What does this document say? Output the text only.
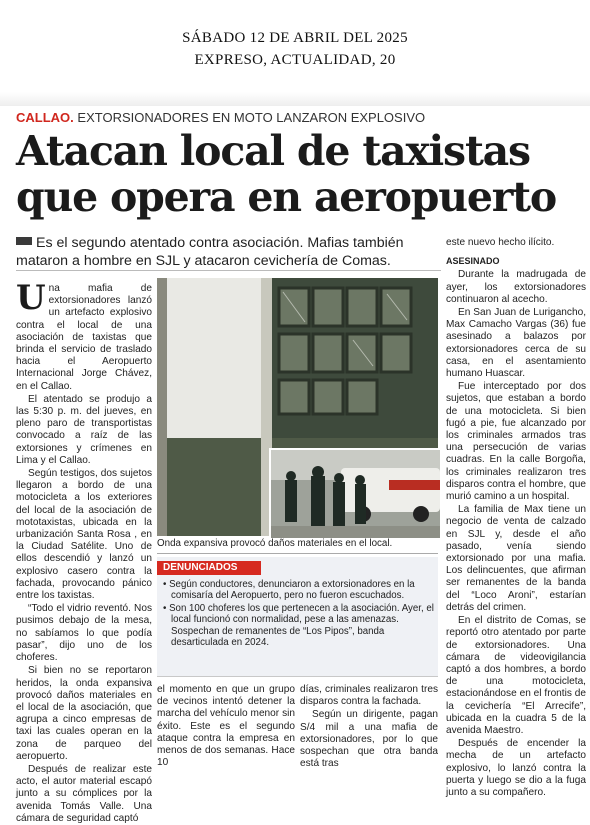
SÁBADO 12 DE ABRIL DEL 2025
EXPRESO, ACTUALIDAD, 20
CALLAO. EXTORSIONADORES EN MOTO LANZARON EXPLOSIVO
Atacan local de taxistas
que opera en aeropuerto
Es el segundo atentado contra asociación. Mafias también mataron a hombre en SJL y atacaron cevichería de Comas.

Una mafia de extorsionadores lanzó un artefacto explosivo contra el local de una asociación de taxistas que brinda el servicio de traslado hacia el Aeropuerto Internacional Jorge Chávez, en el Callao.

El atentado se produjo a las 5:30 p. m. del jueves, en pleno paro de transportistas convocado a raíz de las extorsiones y crímenes en Lima y el Callao.

Según testigos, dos sujetos llegaron a bordo de una motocicleta a los exteriores del local de la asociación de mototaxistas, ubicada en la urbanización Santa Rosa , en la Ciudad Satélite. Uno de ellos descendió y lanzó un explosivo casero contra la fachada, provocando pánico entre los taxistas.

“Todo el vidrio reventó. Nos pusimos debajo de la mesa, no sabíamos lo que podía pasar”, dijo uno de los choferes.

Si bien no se reportaron heridos, la onda expansiva provocó daños materiales en el local de la asociación, que agrupa a cinco empresas de taxi las cuales operan en la zona de parqueo del aeropuerto.

Después de realizar este acto, el autor material escapó junto a su cómplices por la avenida Tomás Valle. Una cámara de seguridad captó

Onda expansiva provocó daños materiales en el local.
DENUNCIADOS
• Según conductores, denunciaron a extorsionadores en la comisaría del Aeropuerto, pero no fueron escuchados.
• Son 100 choferes los que pertenecen a la asociación. Ayer, el local funcionó con normalidad, pese a las amenazas. Sospechan de remanentes de “Los Pipos”, banda desarticulada en 2024.

el momento en que un grupo de vecinos intentó detener la marcha del vehículo menor sin éxito. Este es el segundo ataque contra la empresa en menos de dos semanas. Hace 10

días, criminales realizaron tres disparos contra la fachada.

Según un dirigente, pagan S/4 mil a una mafia de extorsionadores, por lo que sospechan que otra banda está tras

este nuevo hecho ilícito.

ASESINADO

Durante la madrugada de ayer, los extorsionadores continuaron al acecho.

En San Juan de Lurigancho, Max Camacho Vargas (36) fue asesinado a balazos por extorsionadores cerca de su casa, en el asentamiento humano Huascar.

Fue interceptado por dos sujetos, que estaban a bordo de una motocicleta. Si bien fugó a pie, fue alcanzado por los criminales armados tras una persecución de varias cuadras. En la calle Borgoña, los criminales realizaron tres disparos contra el hombre, que murió camino a un hospital.

La familia de Max tiene un negocio de venta de calzado en SJL y, desde el año pasado, venía siendo extorsionado por una mafia. Los delincuentes, que afirman ser remanentes de la banda del “Loco Aroni”, estarían detrás del crimen.

En el distrito de Comas, se reportó otro atentado por parte de extorsionadores. Una cámara de videovigilancia captó a dos hombres, a bordo de una motocicleta, estacionándose en el frontis de la cevichería “El Arrecife”, ubicada en la cuadra 5 de la avenida Maestro.

Después de encender la mecha de un artefacto explosivo, lo lanzó contra la puerta y luego se dio a la fuga junto a su compañero.
